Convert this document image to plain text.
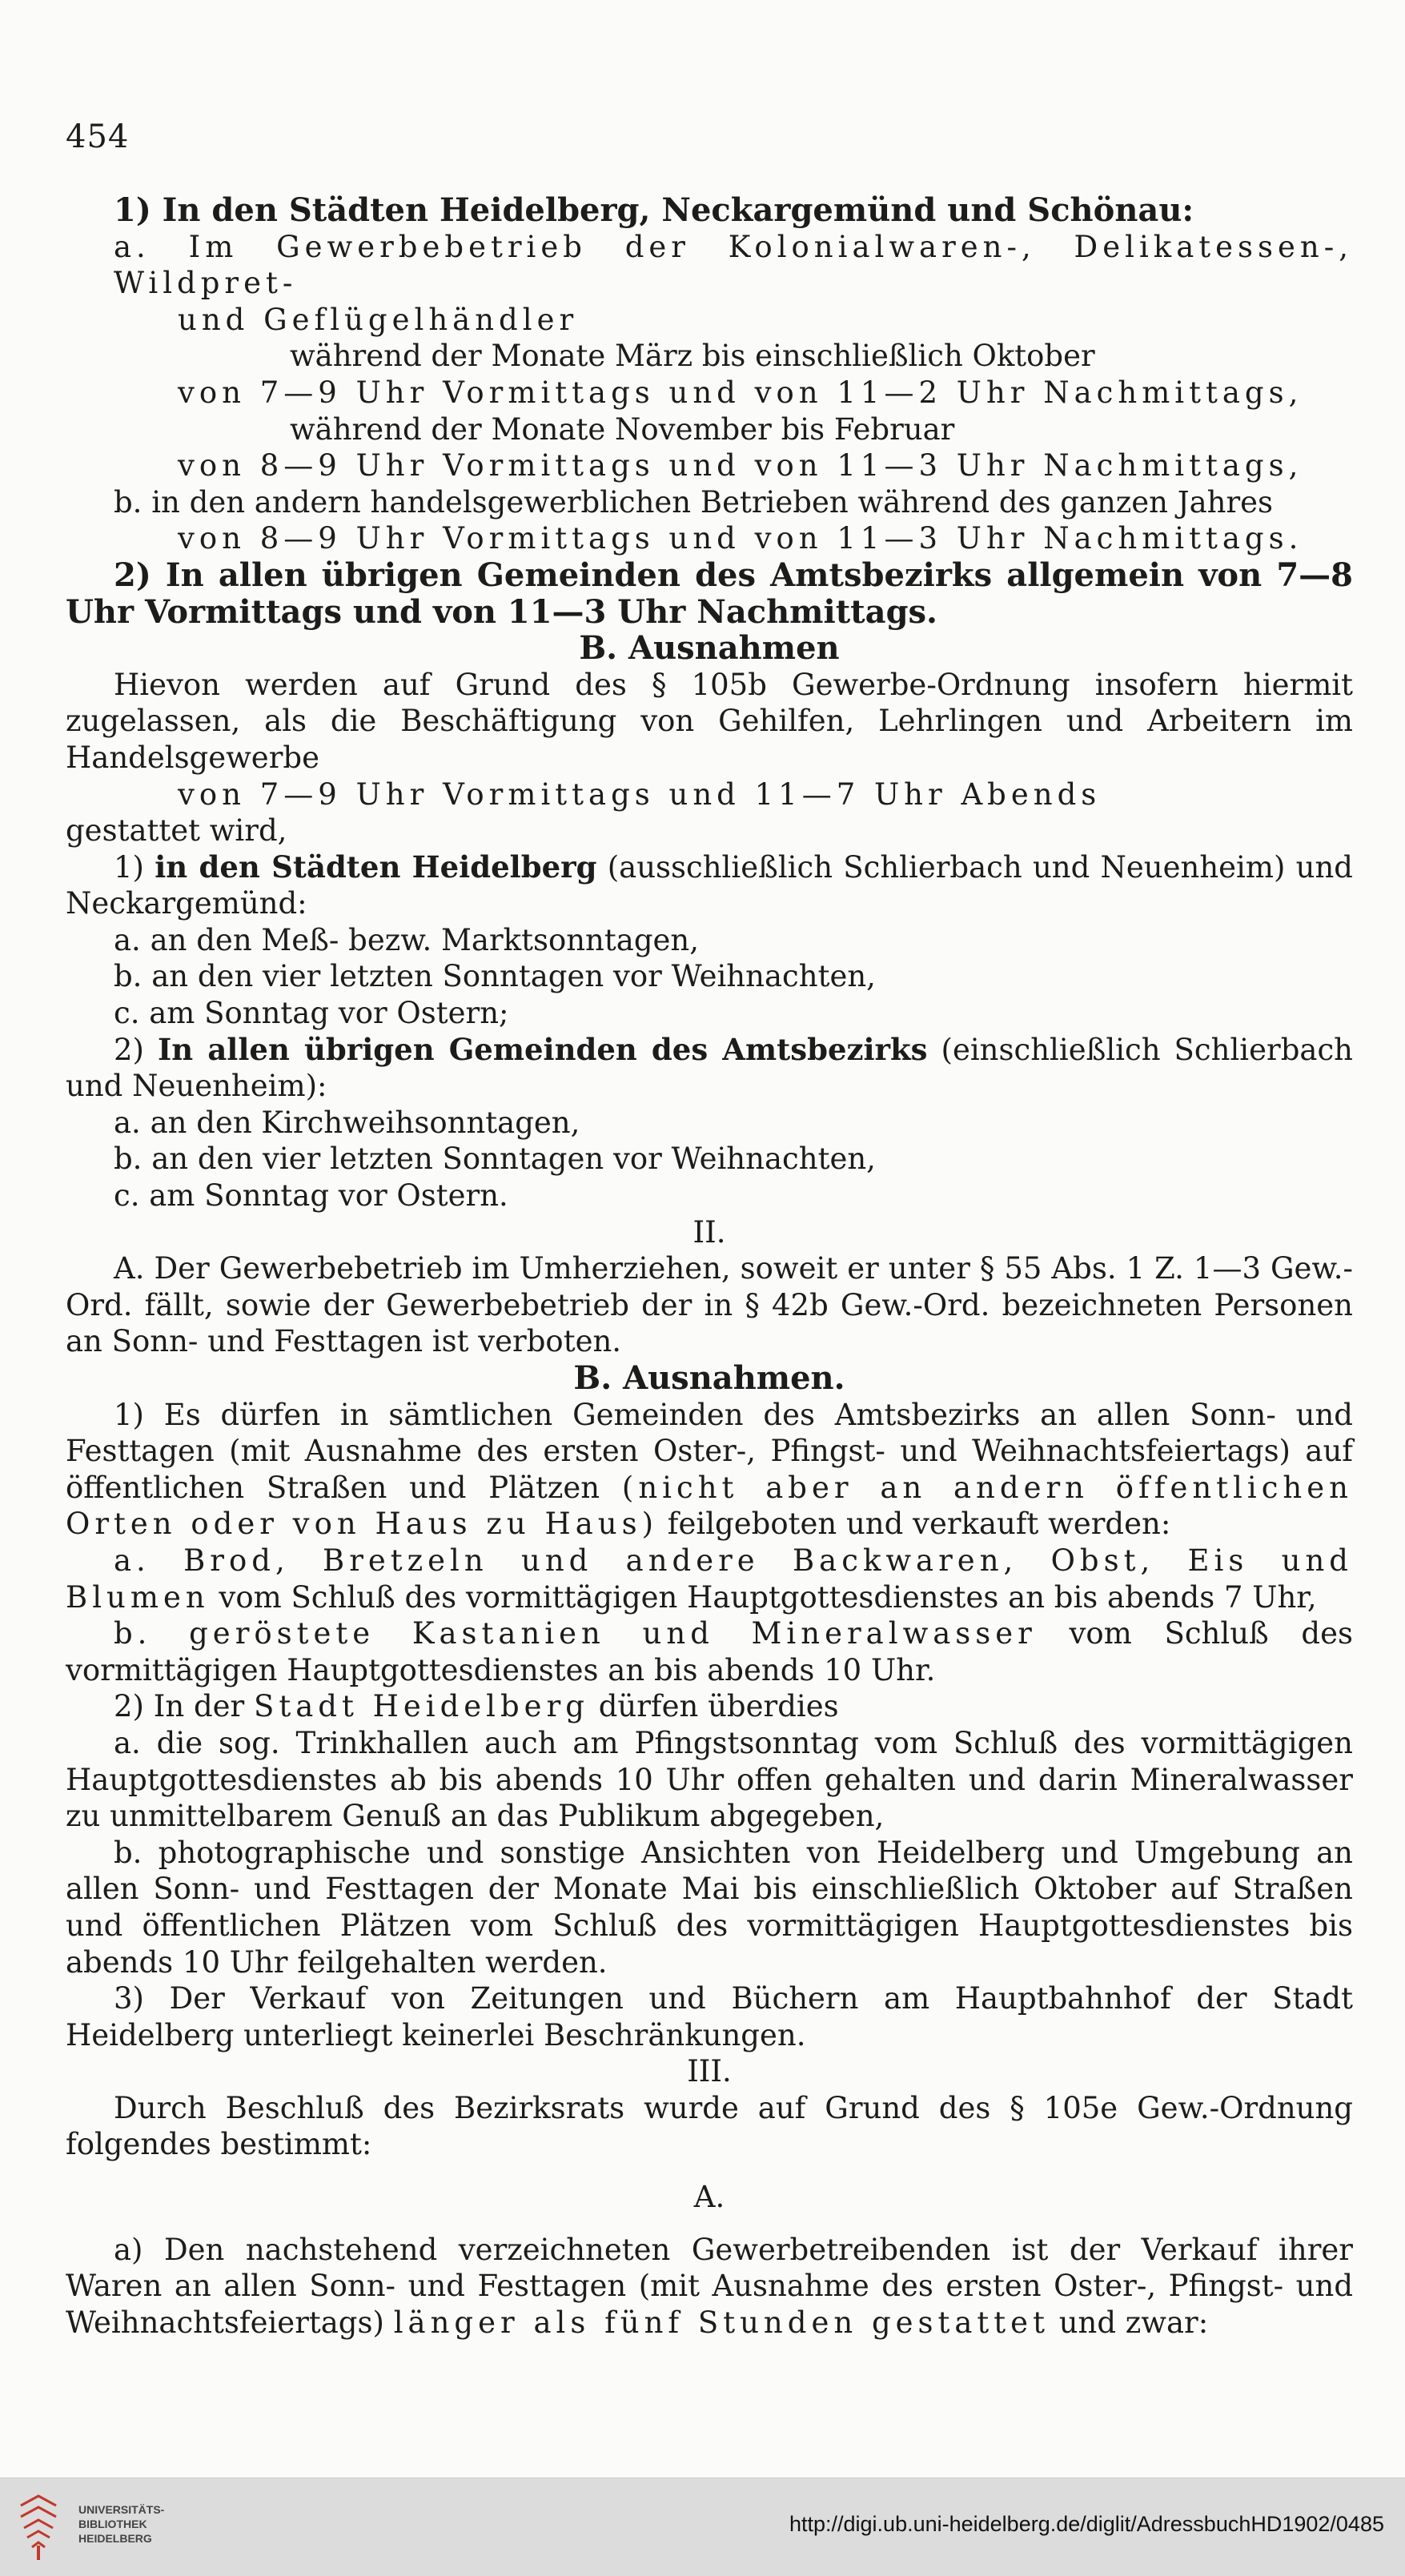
454

1) In den Städten Heidelberg, Neckargemünd und Schönau:

a. Im Gewerbebetrieb der Kolonialwaren-, Delikatessen-, Wildpret-

und Geflügelhändler

während der Monate März bis einschließlich Oktober

von 7—9 Uhr Vormittags und von 11—2 Uhr Nachmittags,

während der Monate November bis Februar

von 8—9 Uhr Vormittags und von 11—3 Uhr Nachmittags,

b. in den andern handelsgewerblichen Betrieben während des ganzen Jahres

von 8—9 Uhr Vormittags und von 11—3 Uhr Nachmittags.

2) In allen übrigen Gemeinden des Amtsbezirks allgemein von 7—8 Uhr Vormittags und von 11—3 Uhr Nachmittags.

B. Ausnahmen

Hievon werden auf Grund des § 105b Gewerbe-Ordnung insofern hiermit zugelassen, als die Beschäftigung von Gehilfen, Lehrlingen und Arbeitern im Handelsgewerbe

von 7—9 Uhr Vormittags und 11—7 Uhr Abends

gestattet wird,

1) in den Städten Heidelberg (ausschließlich Schlierbach und Neuenheim) und Neckargemünd:

a. an den Meß- bezw. Marktsonntagen,

b. an den vier letzten Sonntagen vor Weihnachten,

c. am Sonntag vor Ostern;

2) In allen übrigen Gemeinden des Amtsbezirks (einschließlich Schlierbach und Neuenheim):

a. an den Kirchweihsonntagen,

b. an den vier letzten Sonntagen vor Weihnachten,

c. am Sonntag vor Ostern.

II.

A. Der Gewerbebetrieb im Umherziehen, soweit er unter § 55 Abs. 1 Z. 1—3 Gew.-Ord. fällt, sowie der Gewerbebetrieb der in § 42b Gew.-Ord. bezeichneten Personen an Sonn- und Festtagen ist verboten.

B. Ausnahmen.

1) Es dürfen in sämtlichen Gemeinden des Amtsbezirks an allen Sonn- und Festtagen (mit Ausnahme des ersten Oster-, Pfingst- und Weihnachtsfeiertags) auf öffentlichen Straßen und Plätzen (nicht aber an andern öffentlichen Orten oder von Haus zu Haus) feilgeboten und verkauft werden:

a. Brod, Bretzeln und andere Backwaren, Obst, Eis und Blumen vom Schluß des vormittägigen Hauptgottesdienstes an bis abends 7 Uhr,

b. geröstete Kastanien und Mineralwasser vom Schluß des vormittägigen Hauptgottesdienstes an bis abends 10 Uhr.

2) In der Stadt Heidelberg dürfen überdies

a. die sog. Trinkhallen auch am Pfingstsonntag vom Schluß des vormittägigen Hauptgottesdienstes ab bis abends 10 Uhr offen gehalten und darin Mineralwasser zu unmittelbarem Genuß an das Publikum abgegeben,

b. photographische und sonstige Ansichten von Heidelberg und Umgebung an allen Sonn- und Festtagen der Monate Mai bis einschließlich Oktober auf Straßen und öffentlichen Plätzen vom Schluß des vormittägigen Hauptgottesdienstes bis abends 10 Uhr feilgehalten werden.

3) Der Verkauf von Zeitungen und Büchern am Hauptbahnhof der Stadt Heidelberg unterliegt keinerlei Beschränkungen.

III.

Durch Beschluß des Bezirksrats wurde auf Grund des § 105e Gew.-Ordnung folgendes bestimmt:

A.

a) Den nachstehend verzeichneten Gewerbetreibenden ist der Verkauf ihrer Waren an allen Sonn- und Festtagen (mit Ausnahme des ersten Oster-, Pfingst- und Weihnachtsfeiertags) länger als fünf Stunden gestattet und zwar:

UNIVERSITÄTS-
BIBLIOTHEK
HEIDELBERG
http://digi.ub.uni-heidelberg.de/diglit/AdressbuchHD1902/0485
